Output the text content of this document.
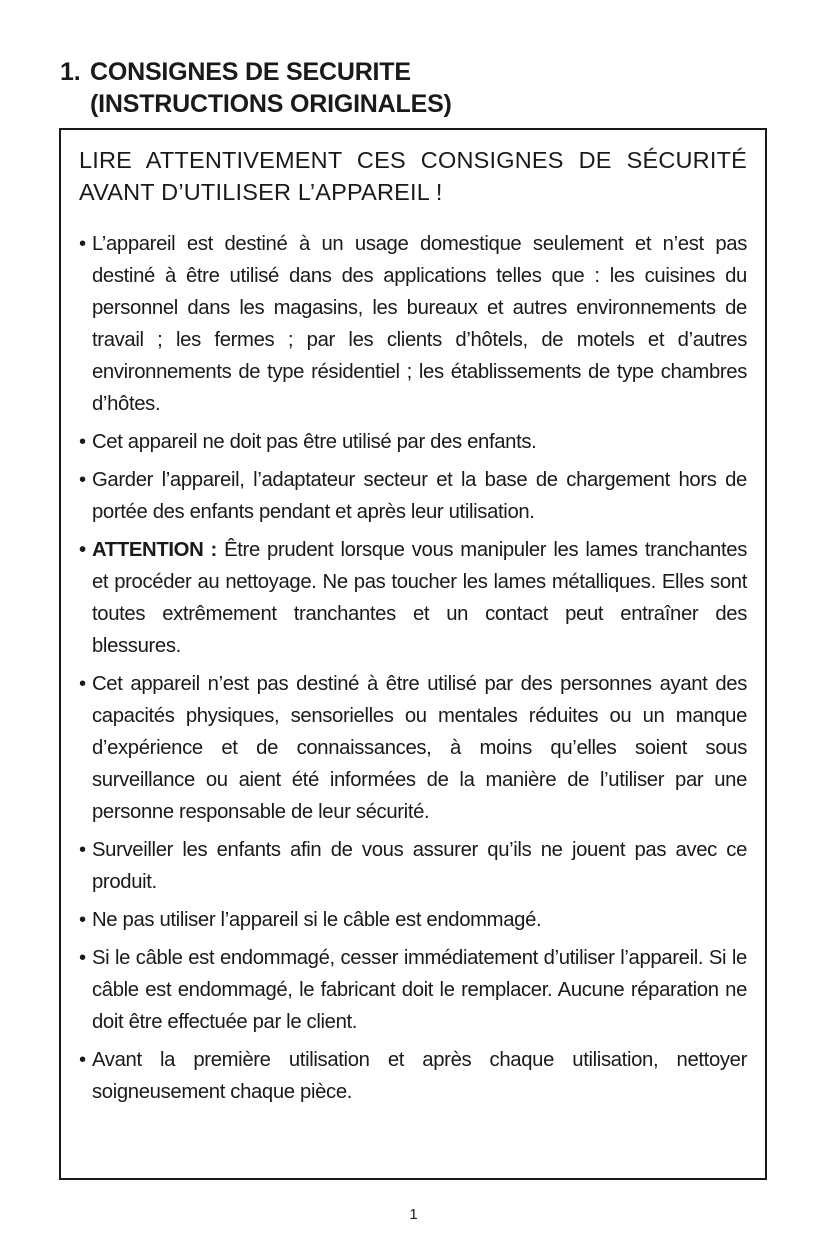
1. CONSIGNES DE SECURITE
(INSTRUCTIONS ORIGINALES)

LIRE ATTENTIVEMENT CES CONSIGNES DE SÉCURITÉ AVANT D’UTILISER L’APPAREIL !

• L’appareil est destiné à un usage domestique seulement et n’est pas destiné à être utilisé dans des applications telles que : les cuisines du personnel dans les magasins, les bureaux et autres environnements de travail ; les fermes ; par les clients d’hôtels, de motels et d’autres environnements de type résidentiel ; les établissements de type chambres d’hôtes.
• Cet appareil ne doit pas être utilisé par des enfants.
• Garder l’appareil, l’adaptateur secteur et la base de chargement hors de portée des enfants pendant et après leur utilisation.
• ATTENTION : Être prudent lorsque vous manipuler les lames tranchantes et procéder au nettoyage. Ne pas toucher les lames métalliques. Elles sont toutes extrêmement tranchantes et un contact peut entraîner des blessures.
• Cet appareil n’est pas destiné à être utilisé par des personnes ayant des capacités physiques, sensorielles ou mentales réduites ou un manque d’expérience et de connaissances, à moins qu’elles soient sous surveillance ou aient été informées de la manière de l’utiliser par une personne responsable de leur sécurité.
• Surveiller les enfants afin de vous assurer qu’ils ne jouent pas avec ce produit.
• Ne pas utiliser l’appareil si le câble est endommagé.
• Si le câble est endommagé, cesser immédiatement d’utiliser l’appareil. Si le câble est endommagé, le fabricant doit le remplacer. Aucune réparation ne doit être effectuée par le client.
• Avant la première utilisation et après chaque utilisation, nettoyer soigneusement chaque pièce.
1
